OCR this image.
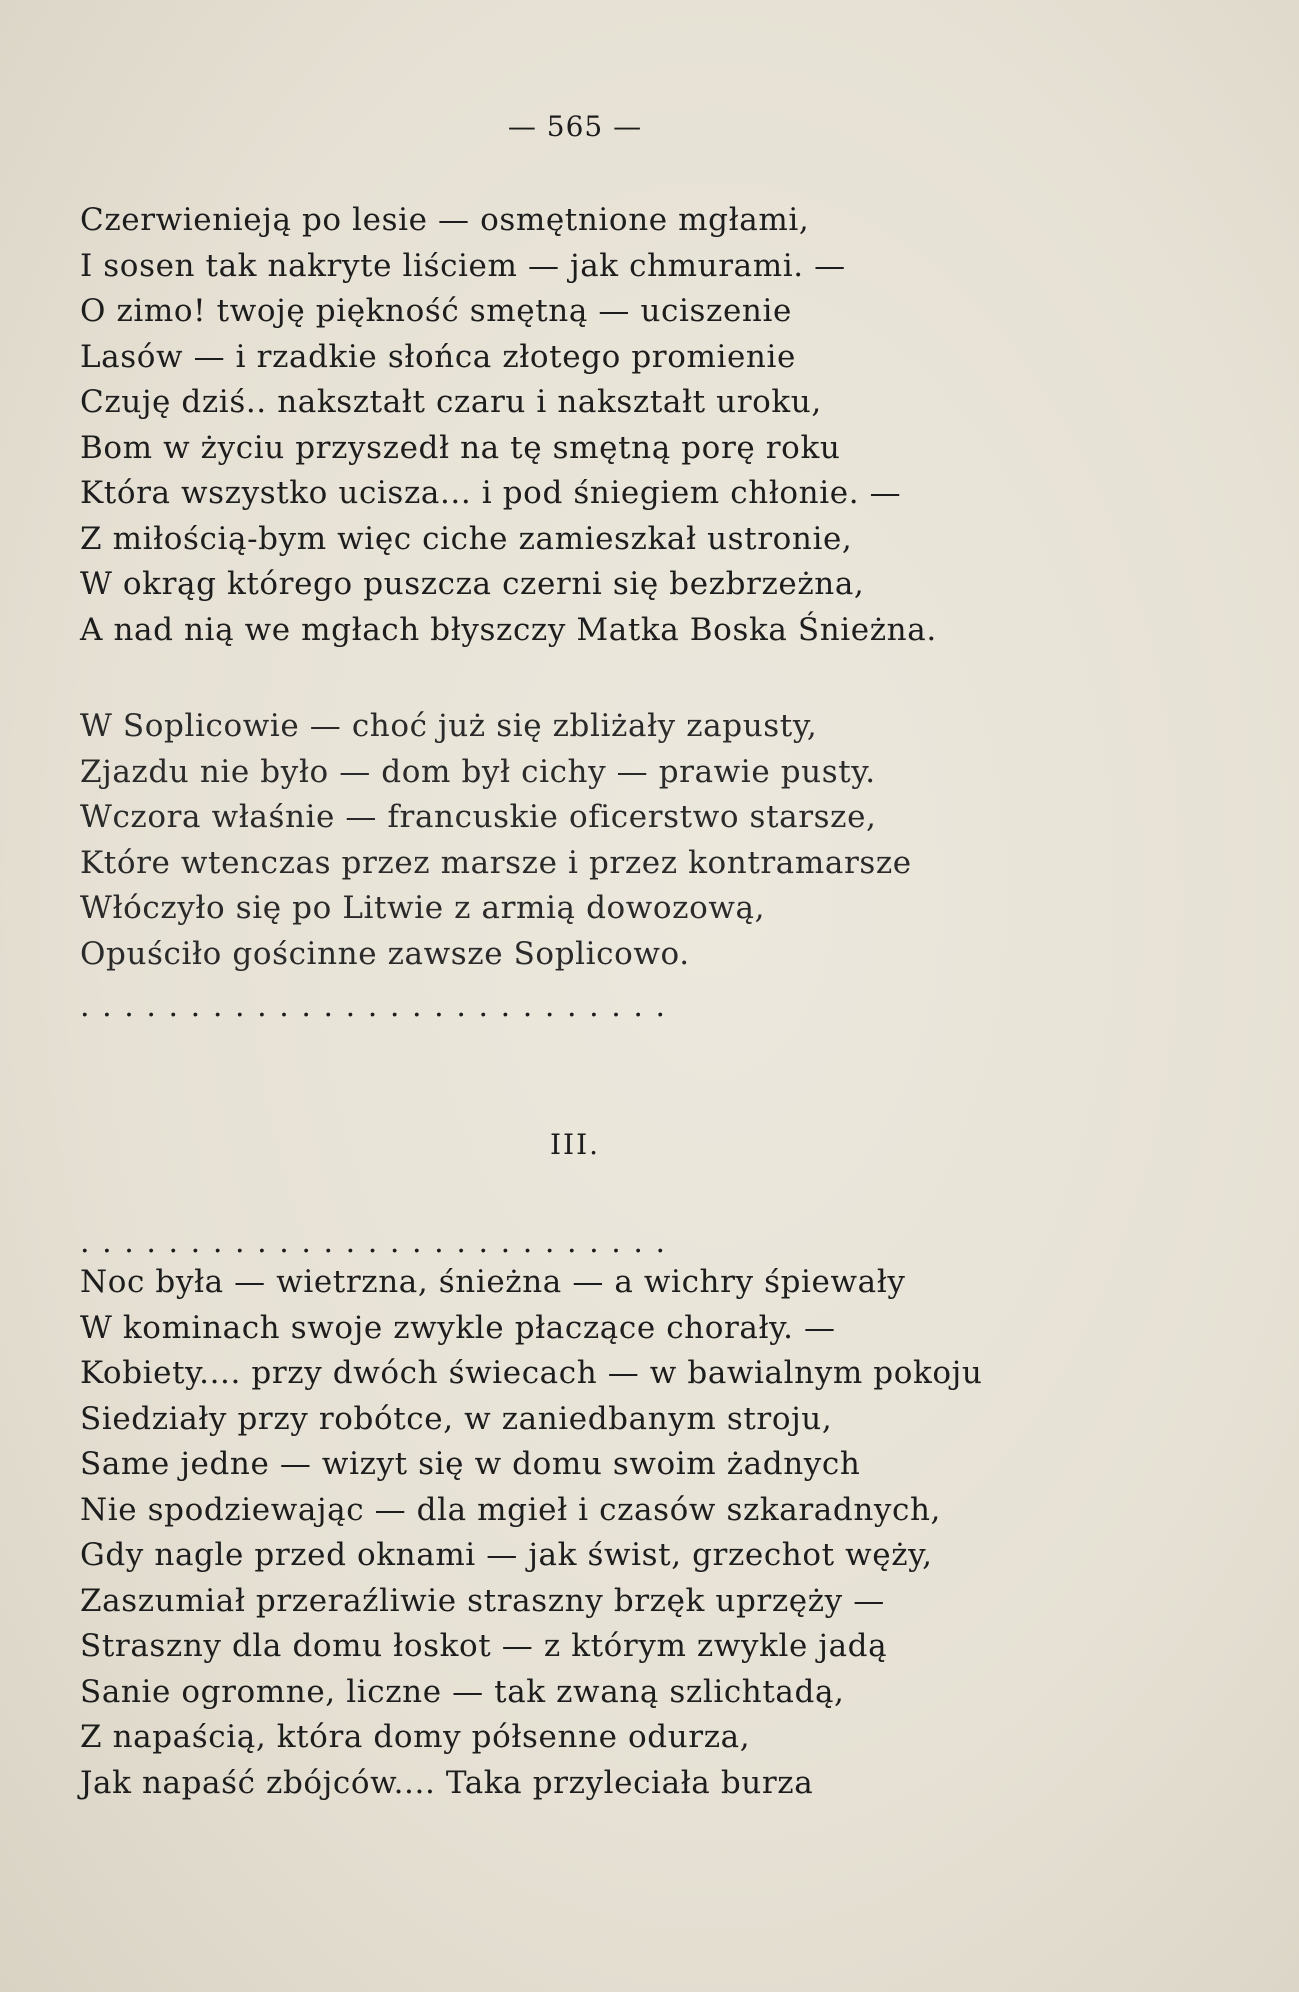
— 565 —
Czerwienieją po lesie — osmętnione mgłami,
I sosen tak nakryte liściem — jak chmurami. —
O zimo! twoję piękność smętną — uciszenie
Lasów — i rzadkie słońca złotego promienie
Czuję dziś.. nakształt czaru i nakształt uroku,
Bom w życiu przyszedł na tę smętną porę roku
Która wszystko ucisza... i pod śniegiem chłonie. —
Z miłością-bym więc ciche zamieszkał ustronie,
W okrąg którego puszcza czerni się bezbrzeżna,
A nad nią we mgłach błyszczy Matka Boska Śnieżna.
W Soplicowie — choć już się zbliżały zapusty,
Zjazdu nie było — dom był cichy — prawie pusty.
Wczora właśnie — francuskie oficerstwo starsze,
Które wtenczas przez marsze i przez kontramarsze
Włóczyło się po Litwie z armią dowozową,
Opuściło gościnne zawsze Soplicowo.
...........................
III.
...........................
Noc była — wietrzna, śnieżna — a wichry śpiewały
W kominach swoje zwykle płaczące chorały. —
Kobiety.... przy dwóch świecach — w bawialnym pokoju
Siedziały przy robótce, w zaniedbanym stroju,
Same jedne — wizyt się w domu swoim żadnych
Nie spodziewając — dla mgieł i czasów szkaradnych,
Gdy nagle przed oknami — jak świst, grzechot węży,
Zaszumiał przeraźliwie straszny brzęk uprzęży —
Straszny dla domu łoskot — z którym zwykle jadą
Sanie ogromne, liczne — tak zwaną szlichtadą,
Z napaścią, która domy półsenne odurza,
Jak napaść zbójców.... Taka przyleciała burza
